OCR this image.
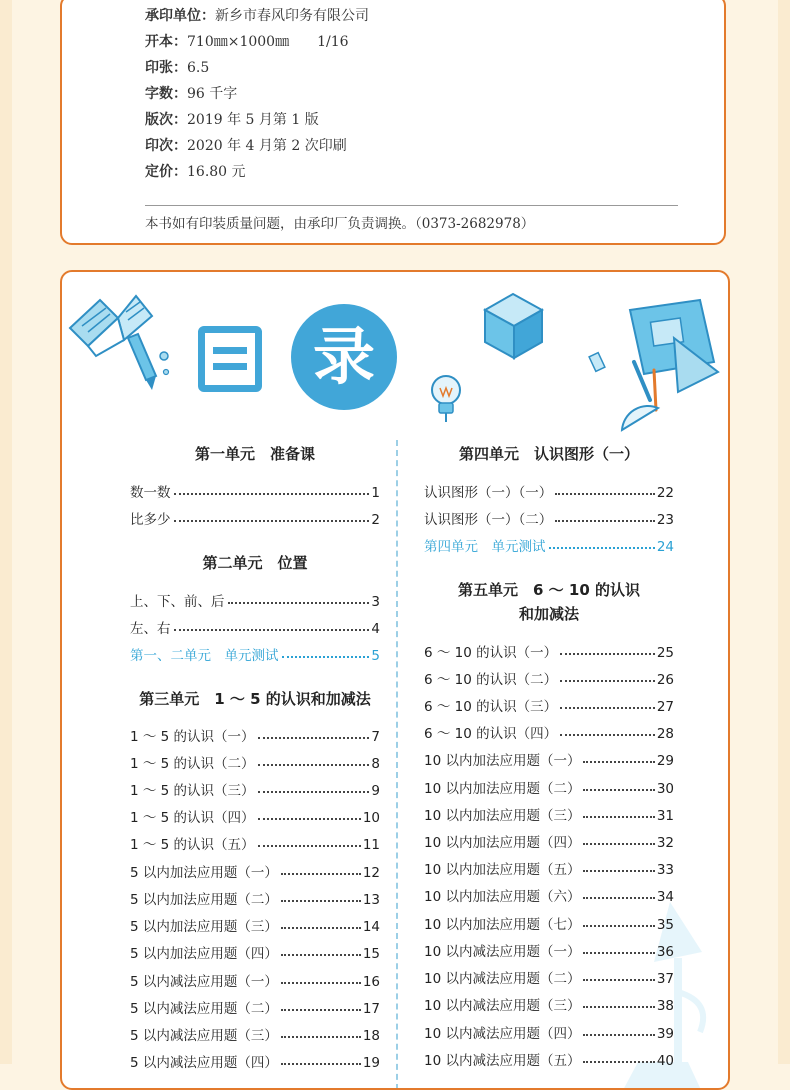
承印单位：新乡市春风印务有限公司
开本：710㎜×1000㎜　　1/16
印张：6.5
字数：96 千字
版次：2019 年 5 月第 1 版
印次：2020 年 4 月第 2 次印刷
定价：16.80 元
本书如有印装质量问题，由承印厂负责调换。（0373-2682978）
录
第一单元　准备课
数一数	1
比多少	2
第二单元　位置
上、下、前、后	3
左、右	4
第一、二单元　单元测试	5
第三单元　1 ～ 5 的认识和加减法
1 ～ 5 的认识（一）	7
1 ～ 5 的认识（二）	8
1 ～ 5 的认识（三）	9
1 ～ 5 的认识（四）	10
1 ～ 5 的认识（五）	11
5 以内加法应用题（一）	12
5 以内加法应用题（二）	13
5 以内加法应用题（三）	14
5 以内加法应用题（四）	15
5 以内减法应用题（一）	16
5 以内减法应用题（二）	17
5 以内减法应用题（三）	18
5 以内减法应用题（四）	19
第四单元　认识图形（一）
认识图形（一）（一）	22
认识图形（一）（二）	23
第四单元　单元测试	24
第五单元　6 ～ 10 的认识
和加减法
6 ～ 10 的认识（一）	25
6 ～ 10 的认识（二）	26
6 ～ 10 的认识（三）	27
6 ～ 10 的认识（四）	28
10 以内加法应用题（一）	29
10 以内加法应用题（二）	30
10 以内加法应用题（三）	31
10 以内加法应用题（四）	32
10 以内加法应用题（五）	33
10 以内加法应用题（六）	34
10 以内加法应用题（七）	35
10 以内减法应用题（一）	36
10 以内减法应用题（二）	37
10 以内减法应用题（三）	38
10 以内减法应用题（四）	39
10 以内减法应用题（五）	40
